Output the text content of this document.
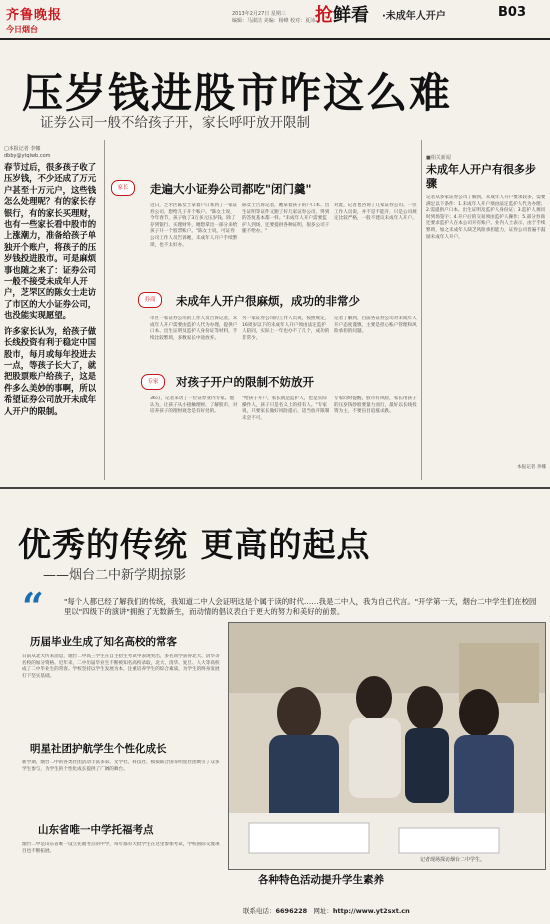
齐鲁晚报
今日烟台
2013年2月27日 星期三
编辑：马淑洁 美编：杨峰 校对：夏沛 抢鲜看 ·未成年人开户	B03
压岁钱进股市咋这么难
证券公司一般不给孩子开，家长呼吁放开限制
□本报记者 李娜
dbby@ytqlwb.com
春节过后，很多孩子收了压岁钱，不少还成了万元户甚至十万元户，这些钱怎么处理呢？有的家长存银行，有的家长买理财，也有一些家长看中股市的上涨潮力，准备给孩子单独开个账户，将孩子的压岁钱投进股市。可是麻烦事也随之来了：证券公司一般不接受未成年人开户，芝罘区的陈女士走访了市区的大小证券公司，也没能实现愿望。
许多家长认为，给孩子做长线投资有利于稳定中国股市，每月或每年投进去一点，等孩子长大了，就把股票账户给孩子，这是件多么美妙的事啊，所以希望证券公司放开未成年人开户的限制。
家长	走遍大小证券公司都吃"闭门羹"
这日，芝罘区陈女士拿着户口本到了一家证券公司，想给儿子开个账户。"陈女士说，今年春节，孩子收了3万多元压岁钱，除了存到银行、买理财外，她想拿出一部分来给孩子开一个股票账户。"陈女士说，可证券公司工作人员告诉她，未成年人开户手续繁琐，也不太好办。
陈女士告诉记者，她拿着孩子的户口本、出生证明等证件又跑了好几家证券公司，得到的答复基本都一样。"未成年人开户需要监护人到场，还要提供各种证明，很多公司干脆不给办。"
对此，记者也咨询了几家证券公司。一位工作人员说，并不是不能开，只是公司规定比较严格，一般不建议未成年人开户。
券商	未成年人开户很麻烦，成功的非常少
市区一家证券公司的工作人员告诉记者，未成年人开户需要由监护人代为办理，提供户口本、出生证明及监护人身份证等材料，手续比较繁琐，多数家长中途放弃。
另一家证券公司的工作人员说，按照规定，16周岁以下的未成年人开户须由法定监护人陪同，实际上一年也办不了几个，成功的非常少。
记者了解到，目前各证券公司对未成年人开户态度谨慎，主要是担心账户管理和风险承担的问题。
专家	对孩子开户的限制不妨放开
36日，记者采访了一位证券业内专家。他认为，让孩子从小接触理财、了解股市，对培养孩子的理财观念是有好处的。
"给孩子开户，家长既是监护人，也是实际操作人，孩子只是名义上的持有人。"专家说，只要家长做好风险提示，适当放开限制未尝不可。
专家同时提醒，股市有风险，家长用孩子的压岁钱炒股要量力而行，最好以长线投资为主，不要盲目追涨杀跌。
■相关新闻
未成年人开户有很多步骤
记者从多家证券公司了解到，未成年人开户要求较多，需要满足以下条件：1.未成年人开户须由法定监护人代为办理；2.需提供户口本、出生证明及监护人身份证；3.监护人须同时到场签字；4.开户后的交易须由监护人操作；5.部分券商还要求监护人在本公司开有账户。业内人士表示，由于手续繁琐，加之未成年人缺乏风险承担能力，证券公司普遍不鼓励未成年人开户。
本报记者 李娜
优秀的传统 更高的起点
——烟台二中新学期掠影
“	"每个人都已经了解我们的传统，我知道二中人会证明这是个属于读的时代……我是二中人，我为自己代言。"开学第一天，烟台二中学生们在校园里以"四级下的演讲"拥抱了无数新生，而动情的倡议表白于更大的努力和美好的前景。
历届毕业生成了知名高校的常客
日前从北大传来消息，烟台二中高三学生在自主招生考试中表现突出，多名同学获得北大、清华等名校的加分资格。近年来，二中历届毕业生不断被知名高校录取，北大、清华、复旦、人大等高校成了二中毕业生的常客。学校坚持以学生发展为本，注重培养学生的综合素质，为学生的终身发展打下坚实基础。
明星社团护航学生个性化成长
新学期，烟台二中的各类社团活动丰富多彩。文学社、科技社、模拟联合国等明星社团吸引了众多学生参与，为学生的个性化成长提供了广阔的舞台。
山东省唯一中学托福考点
烟台二中是山东省唯一设立托福考点的中学，每年都有大批学生在这里参加考试，学校国际交流项目也不断拓展。
各种特色活动提升学生素养
记者现场探访烟台二中学生。
联系电话：6696228 网址：http://www.yt2sxt.cn
